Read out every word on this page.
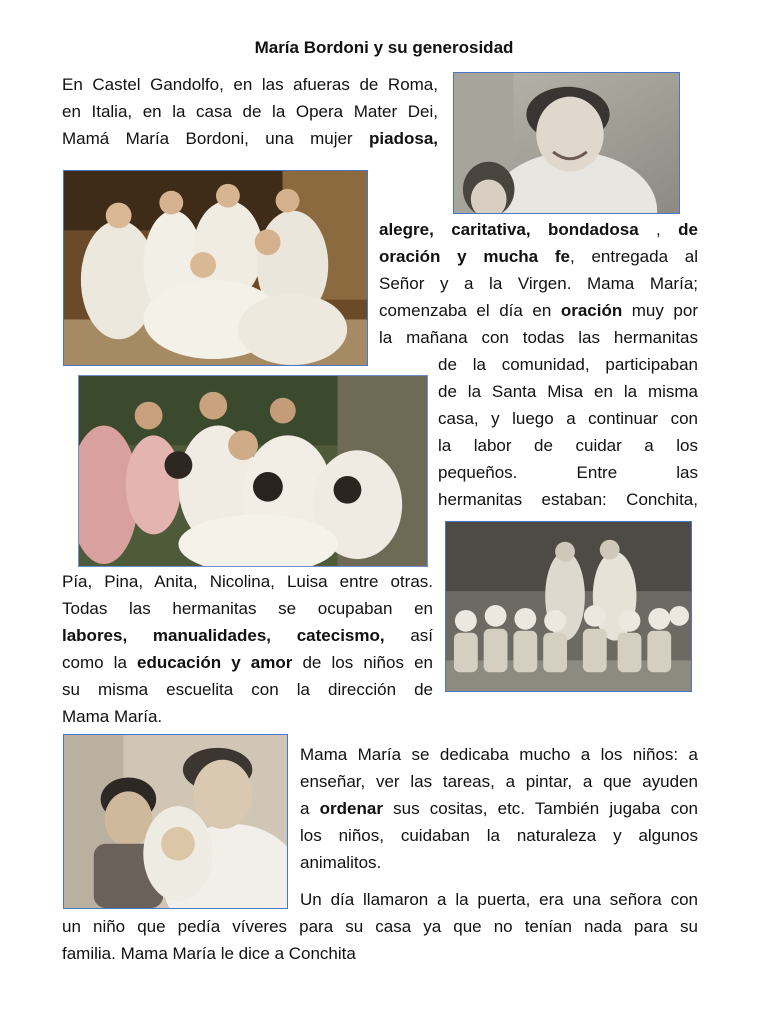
María Bordoni y su generosidad
En Castel Gandolfo, en las afueras de Roma,
en Italia, en la casa de la Opera Mater Dei,
Mamá María Bordoni, una mujer piadosa,
alegre, caritativa, bondadosa , de
oración y mucha fe, entregada al
Señor y a la Virgen. Mama María;
comenzaba el día en oración muy por
la mañana con todas las hermanitas
de la comunidad, participaban
de la Santa Misa en la misma
casa, y luego a continuar con
la labor de cuidar a los
pequeños. Entre las
hermanitas estaban: Conchita,
Pía, Pina, Anita, Nicolina, Luisa entre otras.
Todas las hermanitas se ocupaban en
labores, manualidades, catecismo, así
como la educación y amor de los niños en
su misma escuelita con la dirección de
Mama María.
Mama María se dedicaba mucho a los niños: a
enseñar, ver las tareas, a pintar, a que ayuden
a ordenar sus cositas, etc. También jugaba con
los niños, cuidaban la naturaleza y algunos
animalitos.
Un día llamaron a la puerta, era una señora con
un niño que pedía víveres para su casa ya que no tenían nada para su
familia. Mama María le dice a Conchita
